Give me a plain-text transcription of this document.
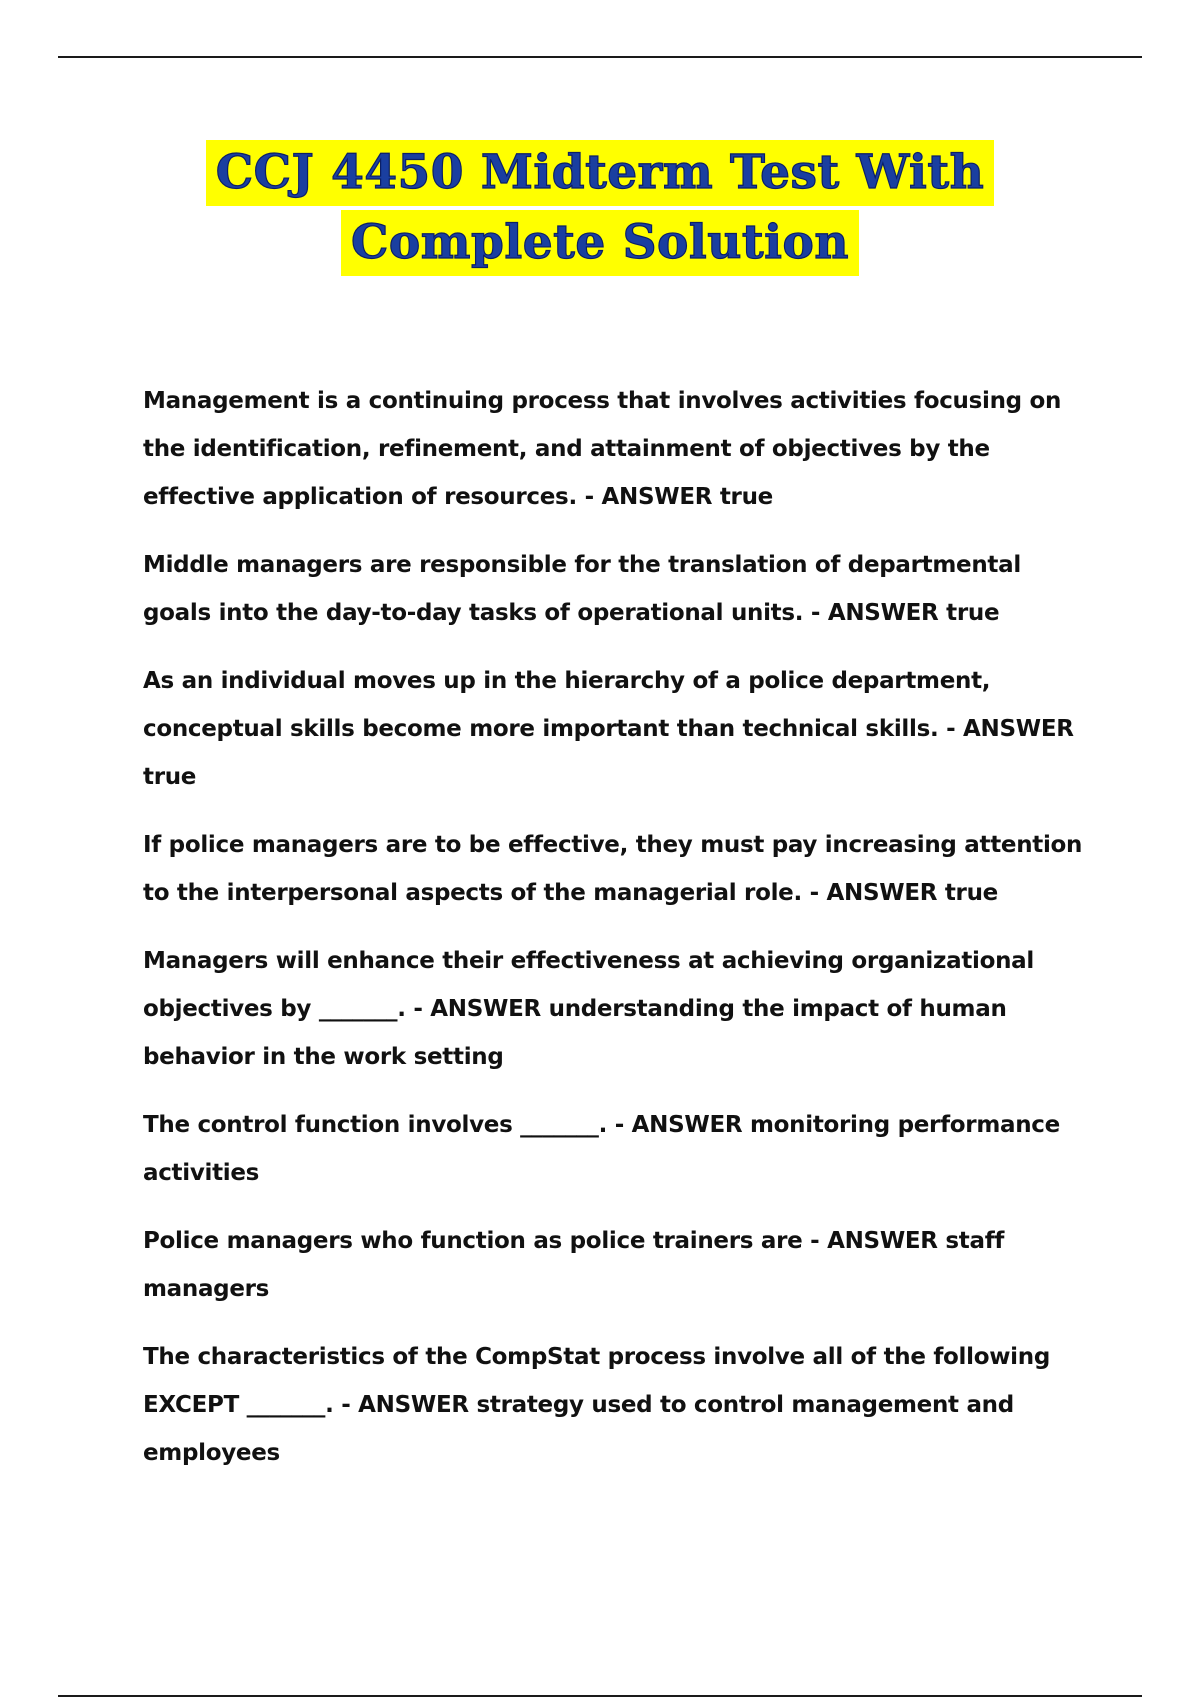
CCJ 4450 Midterm Test With
Complete Solution
Management is a continuing process that involves activities focusing on the identification, refinement, and attainment of objectives by the effective application of resources. - ANSWER true
Middle managers are responsible for the translation of departmental goals into the day-to-day tasks of operational units. - ANSWER true
As an individual moves up in the hierarchy of a police department, conceptual skills become more important than technical skills. - ANSWER true
If police managers are to be effective, they must pay increasing attention to the interpersonal aspects of the managerial role. - ANSWER true
Managers will enhance their effectiveness at achieving organizational objectives by _______. - ANSWER understanding the impact of human behavior in the work setting
The control function involves _______. - ANSWER monitoring performance activities
Police managers who function as police trainers are - ANSWER staff managers
The characteristics of the CompStat process involve all of the following EXCEPT _______. - ANSWER strategy used to control management and employees
